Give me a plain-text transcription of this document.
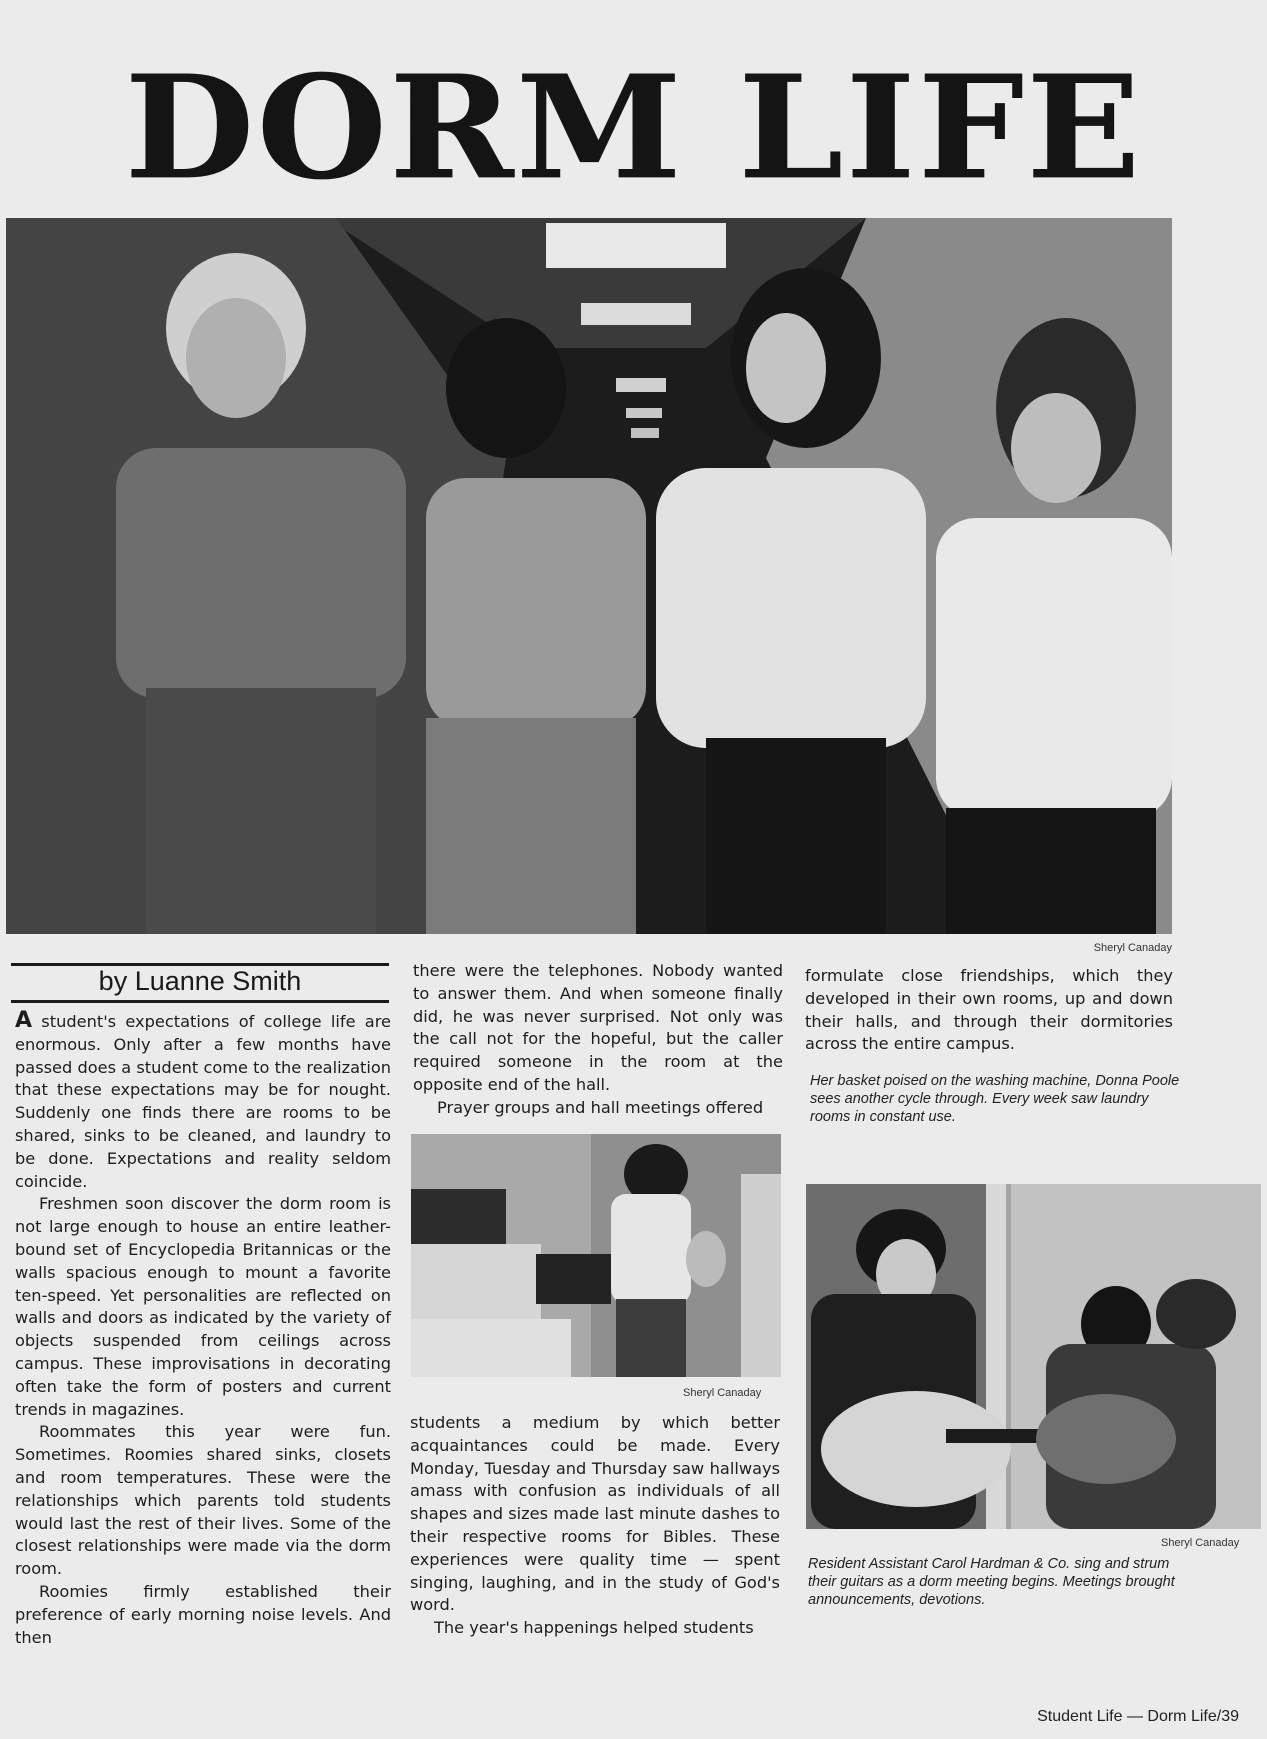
DORM LIFE
Sheryl Canaday
by Luanne Smith

A student's expectations of college life are enormous. Only after a few months have passed does a student come to the realization that these expectations may be for nought. Suddenly one finds there are rooms to be shared, sinks to be cleaned, and laundry to be done. Expectations and reality seldom coincide.

Freshmen soon discover the dorm room is not large enough to house an entire leather-bound set of Encyclopedia Britannicas or the walls spacious enough to mount a favorite ten-speed. Yet personalities are reflected on walls and doors as indicated by the variety of objects suspended from ceilings across campus. These improvisations in decorating often take the form of posters and current trends in magazines.

Roommates this year were fun. Sometimes. Roomies shared sinks, closets and room temperatures. These were the relationships which parents told students would last the rest of their lives. Some of the closest relationships were made via the dorm room.

Roomies firmly established their preference of early morning noise levels. And then

there were the telephones. Nobody wanted to answer them. And when someone finally did, he was never surprised. Not only was the call not for the hopeful, but the caller required someone in the room at the opposite end of the hall.

Prayer groups and hall meetings offered

Sheryl Canaday

students a medium by which better acquaintances could be made. Every Monday, Tuesday and Thursday saw hallways amass with confusion as individuals of all shapes and sizes made last minute dashes to their respective rooms for Bibles. These experiences were quality time — spent singing, laughing, and in the study of God's word.

The year's happenings helped students

formulate close friendships, which they developed in their own rooms, up and down their halls, and through their dormitories across the entire campus.

Her basket poised on the washing machine, Donna Poole sees another cycle through. Every week saw laundry rooms in constant use.
Sheryl Canaday
Resident Assistant Carol Hardman & Co. sing and strum their guitars as a dorm meeting begins. Meetings brought announcements, devotions.
Student Life — Dorm Life/39
